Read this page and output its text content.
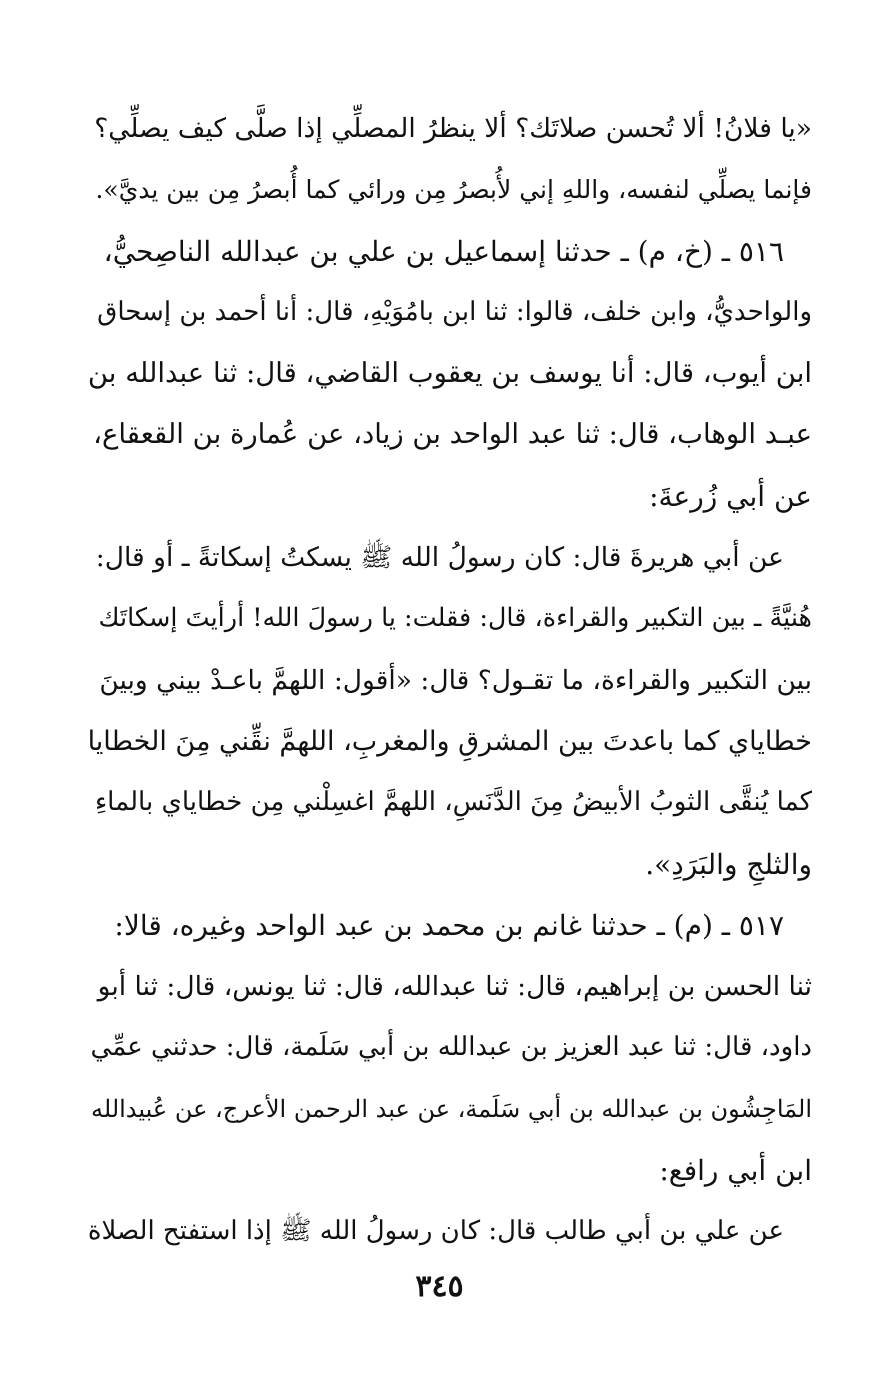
«يا فلانُ! ألا تُحسن صلاتَك؟ ألا ينظرُ المصلِّي إذا صلَّى كيف يصلِّي؟
فإنما يصلِّي لنفسه، واللهِ إني لأُبصرُ مِن ورائي كما أُبصرُ مِن بين يديَّ».
٥١٦ ـ (خ، م) ـ حدثنا إسماعيل بن علي بن عبدالله الناصِحيُّ،
والواحديُّ، وابن خلف، قالوا: ثنا ابن بامُوَيْهِ، قال: أنا أحمد بن إسحاق
ابن أيوب، قال: أنا يوسف بن يعقوب القاضي، قال: ثنا عبدالله بن
عبـد الوهاب، قال: ثنا عبد الواحد بن زياد، عن عُمارة بن القعقاع،
عن أبي زُرعةَ:
عن أبي هريرةَ قال: كان رسولُ الله ﷺ يسكتُ إسكاتةً ـ أو قال:
هُنيَّةً ـ بين التكبير والقراءة، قال: فقلت: يا رسولَ الله! أرأيتَ إسكاتَك
بين التكبير والقراءة، ما تقـول؟ قال: «أقول: اللهمَّ باعـدْ بيني وبينَ
خطاياي كما باعدتَ بين المشرقِ والمغربِ، اللهمَّ نقِّني مِنَ الخطايا
كما يُنقَّى الثوبُ الأبيضُ مِنَ الدَّنَسِ، اللهمَّ اغسِلْني مِن خطاياي بالماءِ
والثلجِ والبَرَدِ».
٥١٧ ـ (م) ـ حدثنا غانم بن محمد بن عبد الواحد وغيره، قالا:
ثنا الحسن بن إبراهيم، قال: ثنا عبدالله، قال: ثنا يونس، قال: ثنا أبو
داود، قال: ثنا عبد العزيز بن عبدالله بن أبي سَلَمة، قال: حدثني عمِّي
المَاجِشُون بن عبدالله بن أبي سَلَمة، عن عبد الرحمن الأعرج، عن عُبيدالله
ابن أبي رافع:
عن علي بن أبي طالب قال: كان رسولُ الله ﷺ إذا استفتح الصلاة
٣٤٥
